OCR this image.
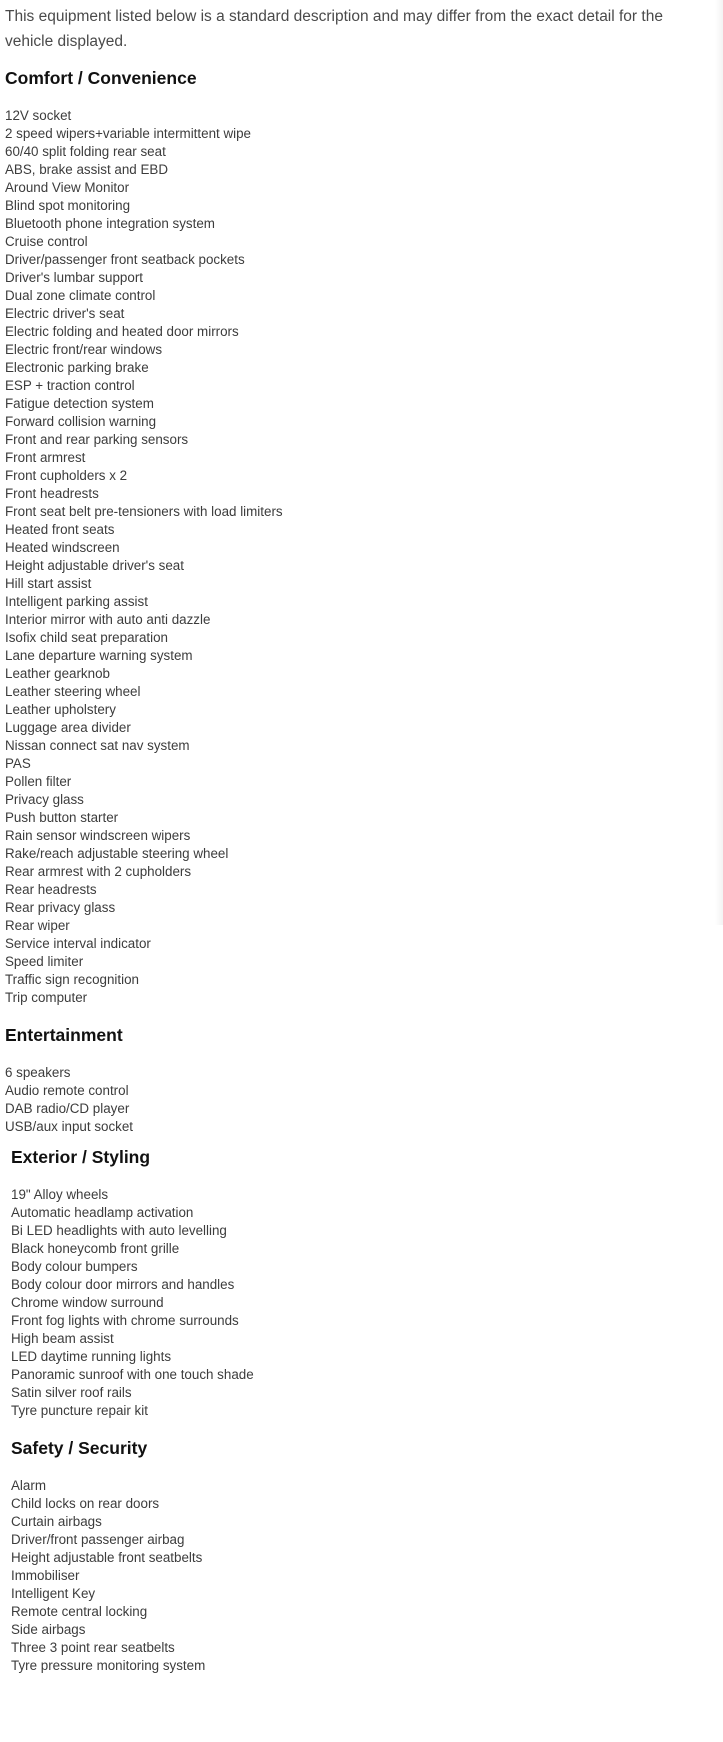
This equipment listed below is a standard description and may differ from the exact detail for the vehicle displayed.

Comfort / Convenience
12V socket
2 speed wipers+variable intermittent wipe
60/40 split folding rear seat
ABS, brake assist and EBD
Around View Monitor
Blind spot monitoring
Bluetooth phone integration system
Cruise control
Driver/passenger front seatback pockets
Driver's lumbar support
Dual zone climate control
Electric driver's seat
Electric folding and heated door mirrors
Electric front/rear windows
Electronic parking brake
ESP + traction control
Fatigue detection system
Forward collision warning
Front and rear parking sensors
Front armrest
Front cupholders x 2
Front headrests
Front seat belt pre-tensioners with load limiters
Heated front seats
Heated windscreen
Height adjustable driver's seat
Hill start assist
Intelligent parking assist
Interior mirror with auto anti dazzle
Isofix child seat preparation
Lane departure warning system
Leather gearknob
Leather steering wheel
Leather upholstery
Luggage area divider
Nissan connect sat nav system
PAS
Pollen filter
Privacy glass
Push button starter
Rain sensor windscreen wipers
Rake/reach adjustable steering wheel
Rear armrest with 2 cupholders
Rear headrests
Rear privacy glass
Rear wiper
Service interval indicator
Speed limiter
Traffic sign recognition
Trip computer
Entertainment
6 speakers
Audio remote control
DAB radio/CD player
USB/aux input socket
Exterior / Styling
19" Alloy wheels
Automatic headlamp activation
Bi LED headlights with auto levelling
Black honeycomb front grille
Body colour bumpers
Body colour door mirrors and handles
Chrome window surround
Front fog lights with chrome surrounds
High beam assist
LED daytime running lights
Panoramic sunroof with one touch shade
Satin silver roof rails
Tyre puncture repair kit
Safety / Security
Alarm
Child locks on rear doors
Curtain airbags
Driver/front passenger airbag
Height adjustable front seatbelts
Immobiliser
Intelligent Key
Remote central locking
Side airbags
Three 3 point rear seatbelts
Tyre pressure monitoring system
